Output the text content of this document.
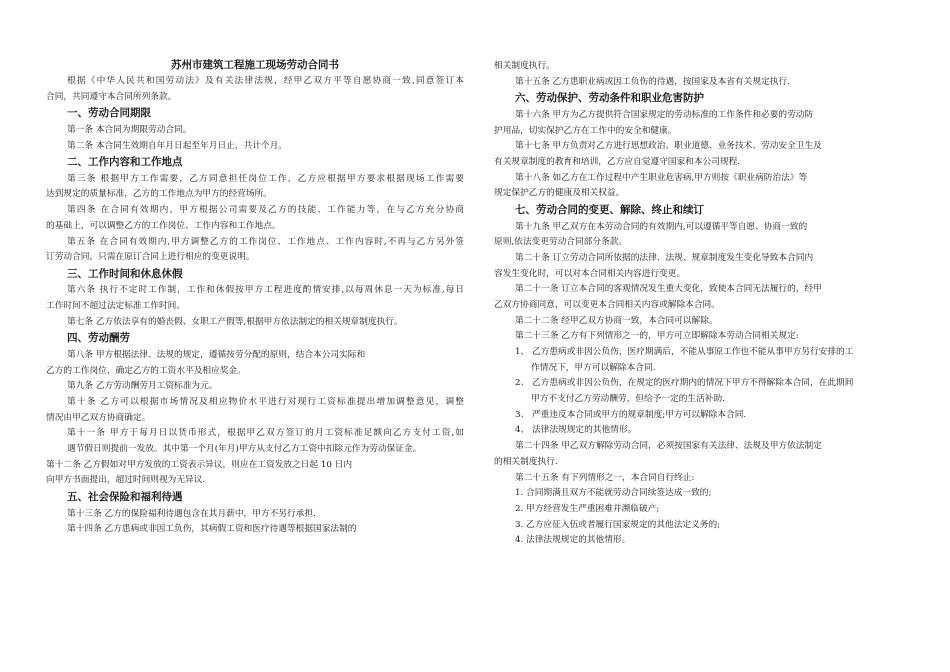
苏州市建筑工程施工现场劳动合同书
根据《中华人民共和国劳动法》及有关法律法规，经甲乙双方平等自愿协商一致,同意签订本
合同，共同遵守本合同所列条款。
一、劳动合同期限
第一条 本合同为期限劳动合同。
第二条 本合同生效期自年月日起至年月日止，共计个月。
二、工作内容和工作地点
第三条 根据甲方工作需要，乙方同意担任岗位工作，乙方应根据甲方要求根据现场工作需要
达到规定的质量标准，乙方的工作地点为甲方的经营场所。
第四条 在合同有效期内，甲方根据公司需要及乙方的技能、工作能力等，在与乙方充分协商
的基础上，可以调整乙方的工作岗位、工作内容和工作地点。
第五条 在合同有效期内,甲方调整乙方的工作岗位、工作地点、工作内容时,不再与乙方另外签
订劳动合同，只需在原订合同上进行相应的变更说明。
三、工作时间和休息休假
第六条 执行不定时工作制，工作和休假按甲方工程进度酌情安排,以每周休息一天为标准,每日
工作时间不超过法定标准工作时间。
第七条 乙方依法享有的婚丧假、女职工产假等,根据甲方依法制定的相关规章制度执行。
四、劳动酬劳
第八条 甲方根据法律、法规的规定，遵循按劳分配的原则，结合本公司实际和
乙方的工作岗位，确定乙方的工资水平及相应奖金。
第九条 乙方劳动酬劳月工资标准为元。
第十条 乙方可以根据市场情况及相应物价水平进行对现行工资标准提出增加调整意见，调整
情况由甲乙双方协商确定。
第十一条 甲方于每月日以货币形式，根据甲乙双方签订的月工资标准足额向乙方支付工资,如
遇节假日则提前一发放。其中第一个月(年月)甲方从支付乙方工资中扣除元作为劳动保证金。
第十二条 乙方假如对甲方发放的工资表示异议，则应在工资发放之日起 10 日内
向甲方书面提出，超过时间则视为无异议.
五、社会保险和福利待遇
第十三条 乙方的保险福利待遇包含在其月薪中，甲方不另行承担.
第十四条 乙方患病或非因工负伤，其病假工资和医疗待遇等根据国家法制的
相关制度执行。
第十五条 乙方患职业病或因工负伤的待遇，按国家及本省有关规定执行.
六、劳动保护、劳动条件和职业危害防护
第十六条 甲方为乙方提供符合国家规定的劳动标准的工作条件和必要的劳动防
护用品，切实保护乙方在工作中的安全和健康。
第十七条 甲方负责对乙方进行思想政治、职业道德、业务技术、劳动安全卫生及
有关规章制度的教育和培训，乙方应自觉遵守国家和本公司规程.
第十八条 如乙方在工作过程中产生职业危害病,甲方则按《职业病防治法》等
规定保护乙方的健康及相关权益。
七、劳动合同的变更、解除、终止和续订
第十九条 甲乙双方在本劳动合同的有效期内,可以遵循平等自愿、协商一致的
原则,依法变更劳动合同部分条款。
第二十条 订立劳动合同所依据的法律、法规、规章制度发生变化导致本合同内
容发生变化时，可以对本合同相关内容进行变更。
第二十一条 订立本合同的客观情况发生重大变化，致使本合同无法履行的，经甲
乙双方协商同意，可以变更本合同相关内容或解除本合同。
第二十二条 经甲乙双方协商一致，本合同可以解除。
第二十三条 乙方有下列情形之一的，甲方可立即解除本劳动合同相关规定:
1、 乙方患病或非因公负伤，医疗期满后，不能从事原工作也不能从事甲方另行安排的工
作情况下，甲方可以解除本合同.
2、 乙方患病或非因公负伤，在规定的医疗期内的情况下甲方不得解除本合同，在此期间
甲方不支付乙方劳动酬劳，但给予一定的生活补助.
3、 严重违反本合同或甲方的规章制度;甲方可以解除本合同.
4、 法律法规规定的其他情形。
第二十四条 甲乙双方解除劳动合同，必须按国家有关法律、法规及甲方依法制定
的相关制度执行.
第二十五条 有下列情形之一，本合同自行终止:
1. 合同期满且双方不能就劳动合同续签达成一致的;
2. 甲方经营发生严重困难并濒临破产;
3. 乙方应征入伍或者履行国家规定的其他法定义务的;
4. 法律法规规定的其他情形。
